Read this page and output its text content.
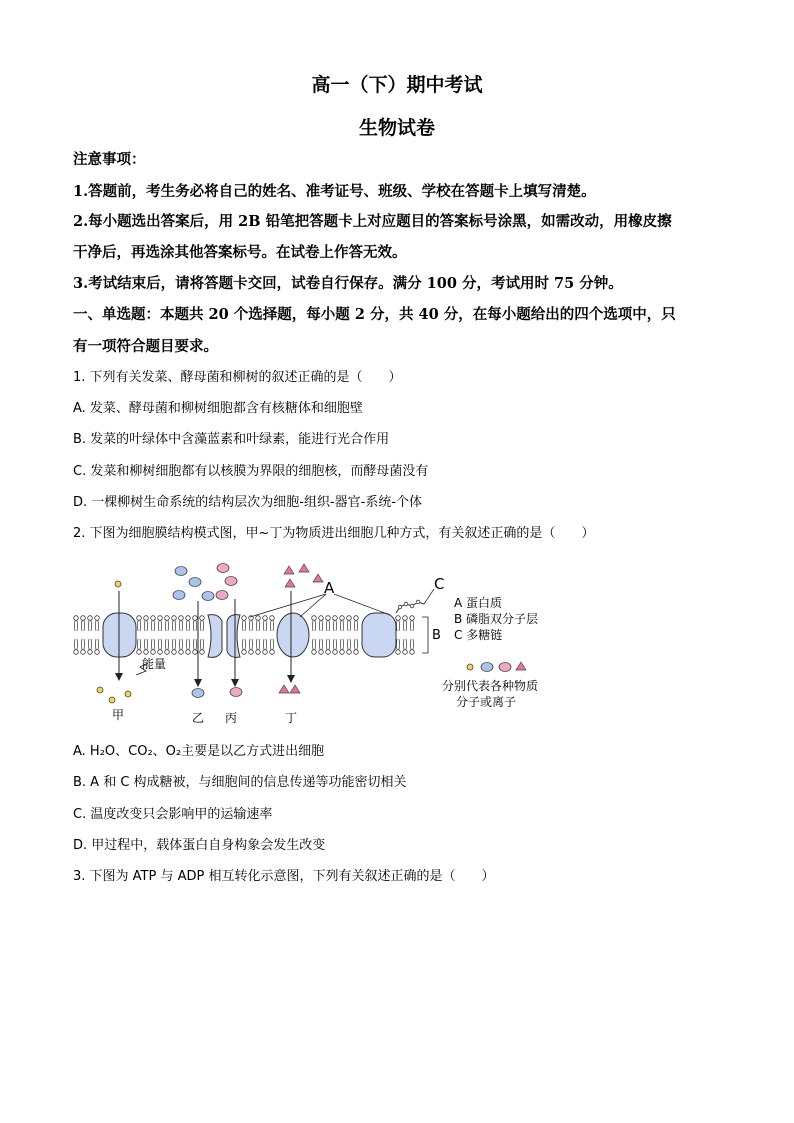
高一（下）期中考试
生物试卷
注意事项：
1.答题前，考生务必将自己的姓名、准考证号、班级、学校在答题卡上填写清楚。
2.每小题选出答案后，用 2B 铅笔把答题卡上对应题目的答案标号涂黑，如需改动，用橡皮擦
干净后，再选涂其他答案标号。在试卷上作答无效。
3.考试结束后，请将答题卡交回，试卷自行保存。满分 100 分，考试用时 75 分钟。
一、单选题：本题共 20 个选择题，每小题 2 分，共 40 分，在每小题给出的四个选项中，只
有一项符合题目要求。
1. 下列有关发菜、酵母菌和柳树的叙述正确的是（　　）
A. 发菜、酵母菌和柳树细胞都含有核糖体和细胞壁
B. 发菜的叶绿体中含藻蓝素和叶绿素，能进行光合作用
C. 发菜和柳树细胞都有以核膜为界限的细胞核，而酵母菌没有
D. 一棵柳树生命系统的结构层次为细胞-组织-器官-系统-个体
2. 下图为细胞膜结构模式图，甲~丁为物质进出细胞几种方式，有关叙述正确的是（　　）
A	C
B
能量
甲	乙 丙	丁
A 蛋白质
B 磷脂双分子层
C 多糖链
分别代表各种物质
分子或离子
A. H₂O、CO₂、O₂主要是以乙方式进出细胞
B. A 和 C 构成糖被，与细胞间的信息传递等功能密切相关
C. 温度改变只会影响甲的运输速率
D. 甲过程中，载体蛋白自身构象会发生改变
3. 下图为 ATP 与 ADP 相互转化示意图，下列有关叙述正确的是（　　）
